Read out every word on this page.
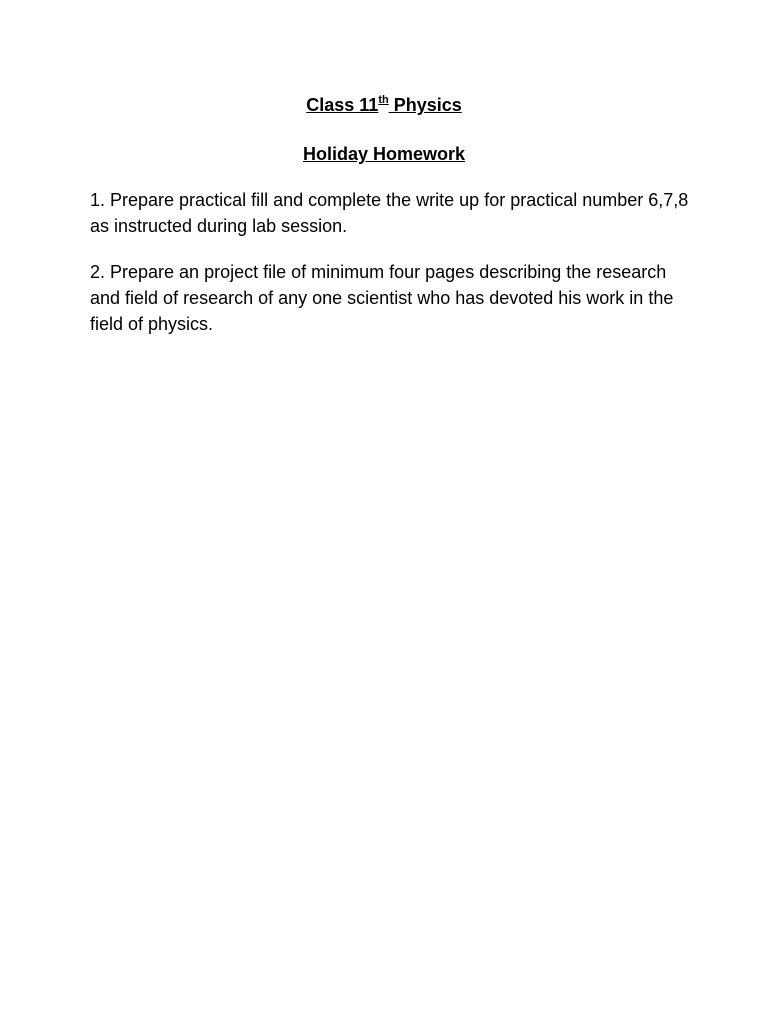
Class 11th Physics
Holiday Homework

1. Prepare practical fill and complete the write up for practical number 6,7,8 as instructed during lab session.

2. Prepare an project file of minimum four pages describing the research and field of research of any one scientist who has devoted his work in the field of physics.
